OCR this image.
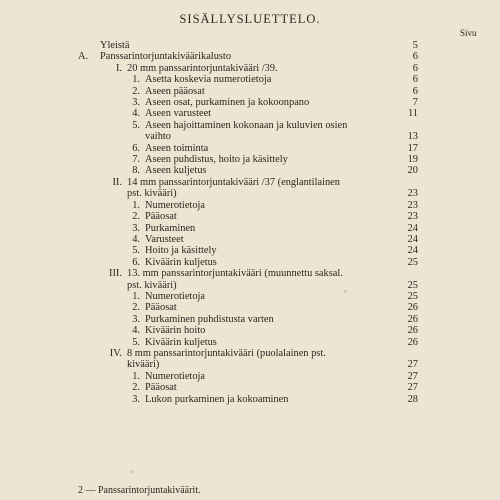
SISÄLLYSLUETTELO.
Sivu
Yleistä	5
A.	Panssarintorjuntakiväärikalusto	6
I. 20 mm panssarintorjuntakivääri /39.	6
1. Asetta koskevia numerotietoja	6
2. Aseen pääosat	6
3. Aseen osat, purkaminen ja kokoonpano	7
4. Aseen varusteet	11
5. Aseen hajoittaminen kokonaan ja kuluvien osien
vaihto	13
6. Aseen toiminta	17
7. Aseen puhdistus, hoito ja käsittely	19
8. Aseen kuljetus	20
II. 14 mm panssarintorjuntakivääri /37 (englantilainen
pst. kivääri)	23
1. Numerotietoja	23
2. Pääosat	23
3. Purkaminen	24
4. Varusteet	24
5. Hoito ja käsittely	24
6. Kiväärin kuljetus	25
III. 13. mm panssarintorjuntakivääri (muunnettu saksal.
pst. kivääri)	25
1. Numerotietoja	25
2. Pääosat	26
3. Purkaminen puhdistusta varten	26
4. Kiväärin hoito	26
5. Kiväärin kuljetus	26
IV. 8 mm panssarintorjuntakivääri (puolalainen pst.
kivääri)	27
1. Numerotietoja	27
2. Pääosat	27
3. Lukon purkaminen ja kokoaminen	28
2 — Panssarintorjuntakiväärit.
